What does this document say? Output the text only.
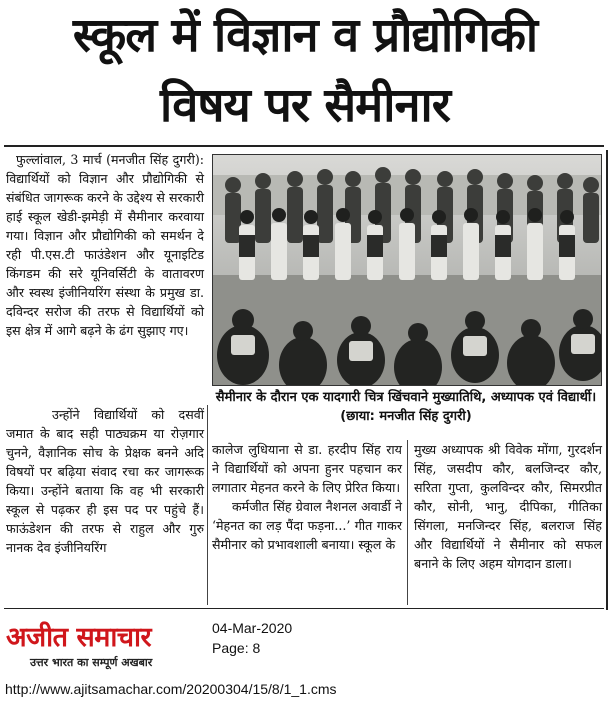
स्कूल में विज्ञान व प्रौद्योगिकी
विषय पर सैमीनार

फुल्लांवाल, 3 मार्च (मनजीत सिंह दुगरी): विद्यार्थियों को विज्ञान और प्रौद्योगिकी से संबंधित जागरूक करने के उद्देश्य से सरकारी हाई स्कूल खेडी-झमेड़ी में सैमीनार करवाया गया। विज्ञान और प्रौद्योगिकी को समर्थन दे रही पी.एस.टी फाउंडेशन और यूनाइटिड किंगडम की सरे यूनिवर्सिटी के वातावरण और स्वस्थ इंजीनियरिंग संस्था के प्रमुख डा. दविन्दर सरोज की तरफ से विद्यार्थियों को इस क्षेत्र में आगे बढ़ने के ढंग सुझाए गए।

उन्होंने विद्यार्थियों को दसवीं जमात के बाद सही पाठ्यक्रम या रोज़गार चुनने, वैज्ञानिक सोच के प्रेक्षक बनने अदि विषयों पर बढ़िया संवाद रचा कर जागरूक किया। उन्होंने बताया कि वह भी सरकारी स्कूल से पढ़कर ही इस पद पर पहुंचे हैं। फाऊंडेशन की तरफ से राहुल और गुरु नानक देव इंजीनियरिंग

सैमीनार के दौरान एक यादगारी चित्र खिंचवाने मुख्यातिथि, अध्यापक एवं विद्यार्थी। (छाया: मनजीत सिंह दुगरी)

कालेज लुधियाना से डा. हरदीप सिंह राय ने विद्यार्थियों को अपना हुनर पहचान कर लगातार मेहनत करने के लिए प्रेरित किया।

कर्मजीत सिंह ग्रेवाल नैशनल अवार्डी ने ‘मेहनत का लड़ पैंदा फड़ना...’ गीत गाकर सैमीनार को प्रभावशाली बनाया। स्कूल के

मुख्य अध्यापक श्री विवेक मोंगा, गुरदर्शन सिंह, जसदीप कौर, बलजिन्दर कौर, सरिता गुप्ता, कुलविन्दर कौर, सिमरप्रीत कौर, सोनी, भानु, दीपिका, गीतिका सिंगला, मनजिन्दर सिंह, बलराज सिंह और विद्यार्थियों ने सैमीनार को सफल बनाने के लिए अहम योगदान डाला।

अजीत समाचार
उत्तर भारत का सम्पूर्ण अखबार
04-Mar-2020
Page: 8
http://www.ajitsamachar.com/20200304/15/8/1_1.cms
